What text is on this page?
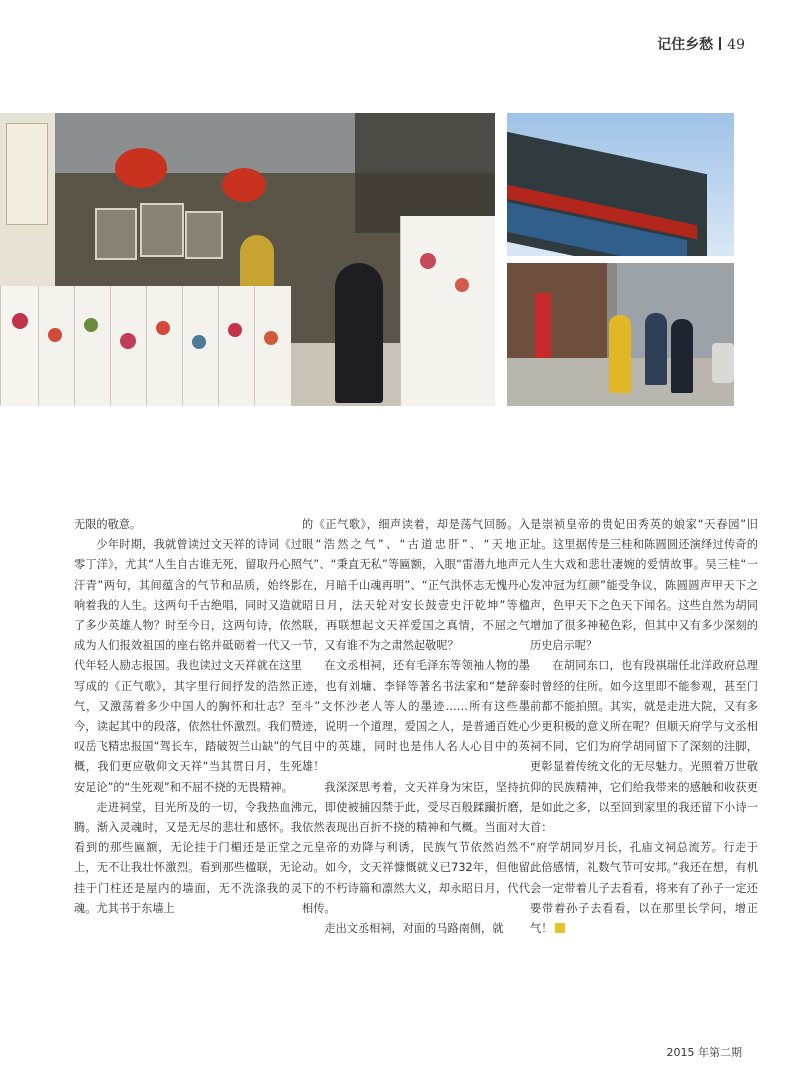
记住乡愁 49

无限的敬意。

少年时期，我就曾读过文天祥的诗词《过零丁洋》，尤其“人生自古谁无死，留取丹心照汗青”两句，其间蕴含的气节和品质，始终影响着我的人生。这两句千古绝唱，同时又造就了多少英雄人物？时至今日，这两句诗，依然成为人们报效祖国的座右铭并砥砺着一代又一代年轻人励志报国。我也读过文天祥就在这里写成的《正气歌》，其字里行间抒发的浩然正气，又激荡着多少中国人的胸怀和壮志？至今，读起其中的段落，依然壮怀激烈。我们赞叹岳飞精忠报国“驾长车，踏破贺兰山缺”的气概，我们更应敬仰文天祥“当其贯日月，生死安足论”的“生死观”和不屈不挠的无畏精神。

走进祠堂，目光所及的一切，令我热血沸腾。渐入灵魂时，又是无尽的悲壮和感怀。我看到的那些匾额，无论挂于门楣还是正堂之上，无不让我壮怀激烈。看到那些楹联，无论挂于门柱还是屋内的墙面，无不洗涤我的灵魂。尤其书于东墙上

的《正气歌》，细声读着，却是荡气回肠。入眼“浩然之气”、“古道忠肝”、“天地正气”、“秉直无私”等匾额，入眼“雷潜九地声元在，月暗千山魂再明”、“正气洪怀志无愧丹心昭日月，法天轮对安长鼓壹史汗乾坤”等楹联，再联想起文天祥爱国之真情，不屈之气节，又有谁不为之肃然起敬呢？

在文丞相祠，还有毛泽东等领袖人物的墨迹，也有刘墉、李铎等著名书法家和“楚辞泰斗”文怀沙老人等人的墨迹……所有这些墨迹，说明一个道理，爱国之人，是普通百姓心目中的英雄，同时也是伟人名人心目中的英雄！

我深深思考着，文天祥身为宋臣，坚持抗元，即使被捕囚禁于此，受尽百般蹂躏折磨，依然表现出百折不挠的精神和气概。当面对大元皇帝的劝降与利诱，民族气节依然岿然不动。如今，文天祥慷慨就义已732年，但他留下的不朽诗篇和凛然大义，却永昭日月，代代相传。

走出文丞相祠，对面的马路南侧，就

是崇祯皇帝的贵妃田秀英的娘家“天春园”旧址。这里据传是三桂和陈圆圆还演绎过传奇的人生大戏和悲壮凄婉的爱情故事。吴三桂“一发冲冠为红颜”能受争议，陈圆圆声甲天下之声，色甲天下之色天下闻名。这些自然为胡同增加了很多神秘色彩，但其中又有多少深刻的历史启示呢？

在胡同东口，也有段祺瑞任北洋政府总理时曾经的住所。如今这里即不能参观，甚至门前都不能拍照。其实，就是走进大院，又有多少更积极的意义所在呢？但顺天府学与文丞相祠不同，它们为府学胡同留下了深刻的注脚，更彰显着传统文化的无尽魅力。光照着万世敬仰的民族精神，它们给我带来的感触和收获更是如此之多，以至回到家里的我还留下小诗一首：

“府学胡同岁月长，孔庙文祠总流芳。行走于此倍感情，礼数气节可安邦。”我还在想，有机会一定带着儿子去看看，将来有了孙子一定还要带着孙子去看看，以在那里长学问，增正气！

2015 年第二期
